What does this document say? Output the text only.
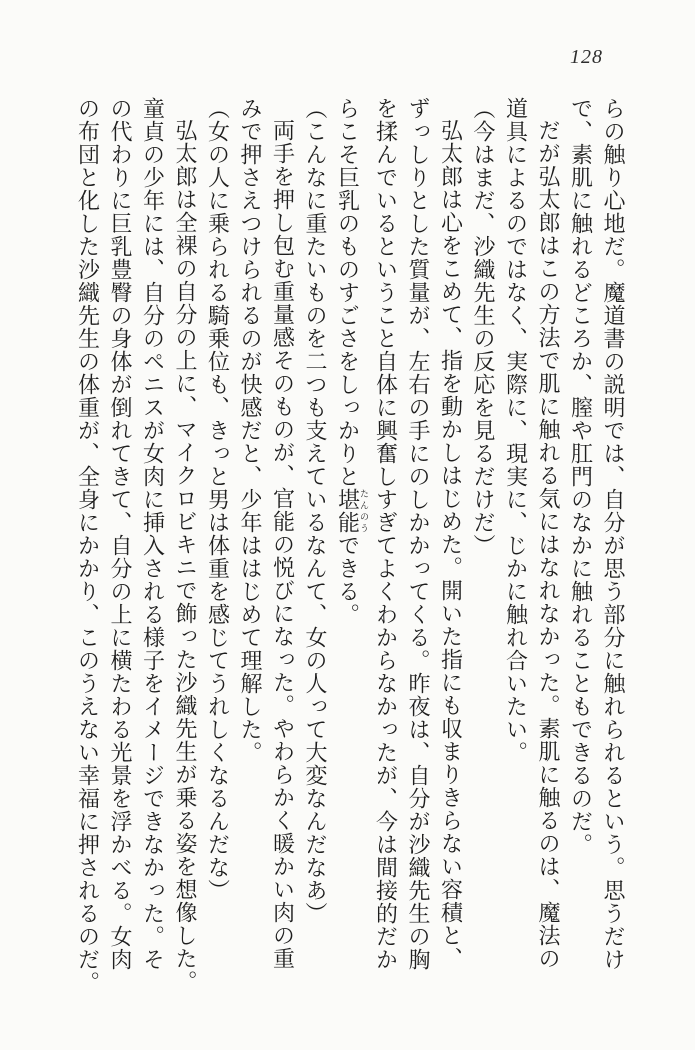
128
らの触り心地だ。魔道書の説明では、自分が思う部分に触れられるという。思うだけ
で、素肌に触れるどころか、膣や肛門のなかに触れることもできるのだ。
だが弘太郎はこの方法で肌に触れる気にはなれなかった。素肌に触るのは、魔法の
道具によるのではなく、実際に、現実に、じかに触れ合いたい。
（今はまだ、沙織先生の反応を見るだけだ）
弘太郎は心をこめて、指を動かしはじめた。開いた指にも収まりきらない容積と、
ずっしりとした質量が、左右の手にのしかかってくる。昨夜は、自分が沙織先生の胸
を揉んでいるということ自体に興奮しすぎてよくわからなかったが、今は間接的だか
らこそ巨乳のものすごさをしっかりと堪能たんのうできる。
（こんなに重たいものを二つも支えているなんて、女の人って大変なんだなあ）
両手を押し包む重量感そのものが、官能の悦びになった。やわらかく暖かい肉の重
みで押さえつけられるのが快感だと、少年ははじめて理解した。
（女の人に乗られる騎乗位も、きっと男は体重を感じてうれしくなるんだな）
弘太郎は全裸の自分の上に、マイクロビキニで飾った沙織先生が乗る姿を想像した。
童貞の少年には、自分のペニスが女肉に挿入される様子をイメージできなかった。そ
の代わりに巨乳豊臀の身体が倒れてきて、自分の上に横たわる光景を浮かべる。女肉
の布団と化した沙織先生の体重が、全身にかかり、このうえない幸福に押されるのだ。
